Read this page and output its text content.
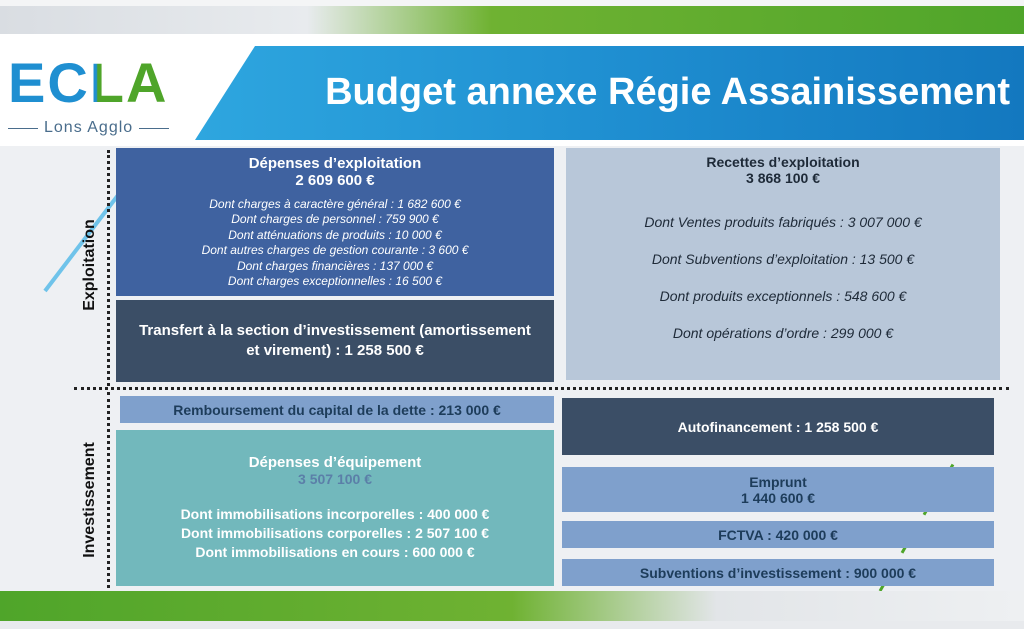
ECLA
Lons Agglo
Budget annexe Régie Assainissement
Exploitation
Investissement
Dépenses d’exploitation
2 609 600 €
Dont charges à caractère général : 1 682 600 €
Dont charges de personnel : 759 900 €
Dont atténuations de produits : 10 000 €
Dont autres charges de gestion courante : 3 600 €
Dont charges financières : 137 000 €
Dont charges exceptionnelles : 16 500 €
Transfert à la section d’investissement (amortissement
et virement) : 1 258 500 €
Recettes d’exploitation
3 868 100 €
Dont Ventes produits fabriqués : 3 007 000 €
Dont Subventions d’exploitation : 13 500 €
Dont produits exceptionnels : 548 600 €
Dont opérations d’ordre : 299 000 €
Remboursement du capital de la dette : 213 000 €
Dépenses d’équipement
3 507 100 €
Dont immobilisations incorporelles : 400 000 €
Dont immobilisations corporelles : 2 507 100 €
Dont immobilisations en cours : 600 000 €
Autofinancement : 1 258 500 €
Emprunt
1 440 600 €
FCTVA : 420 000 €
Subventions d’investissement : 900 000 €
